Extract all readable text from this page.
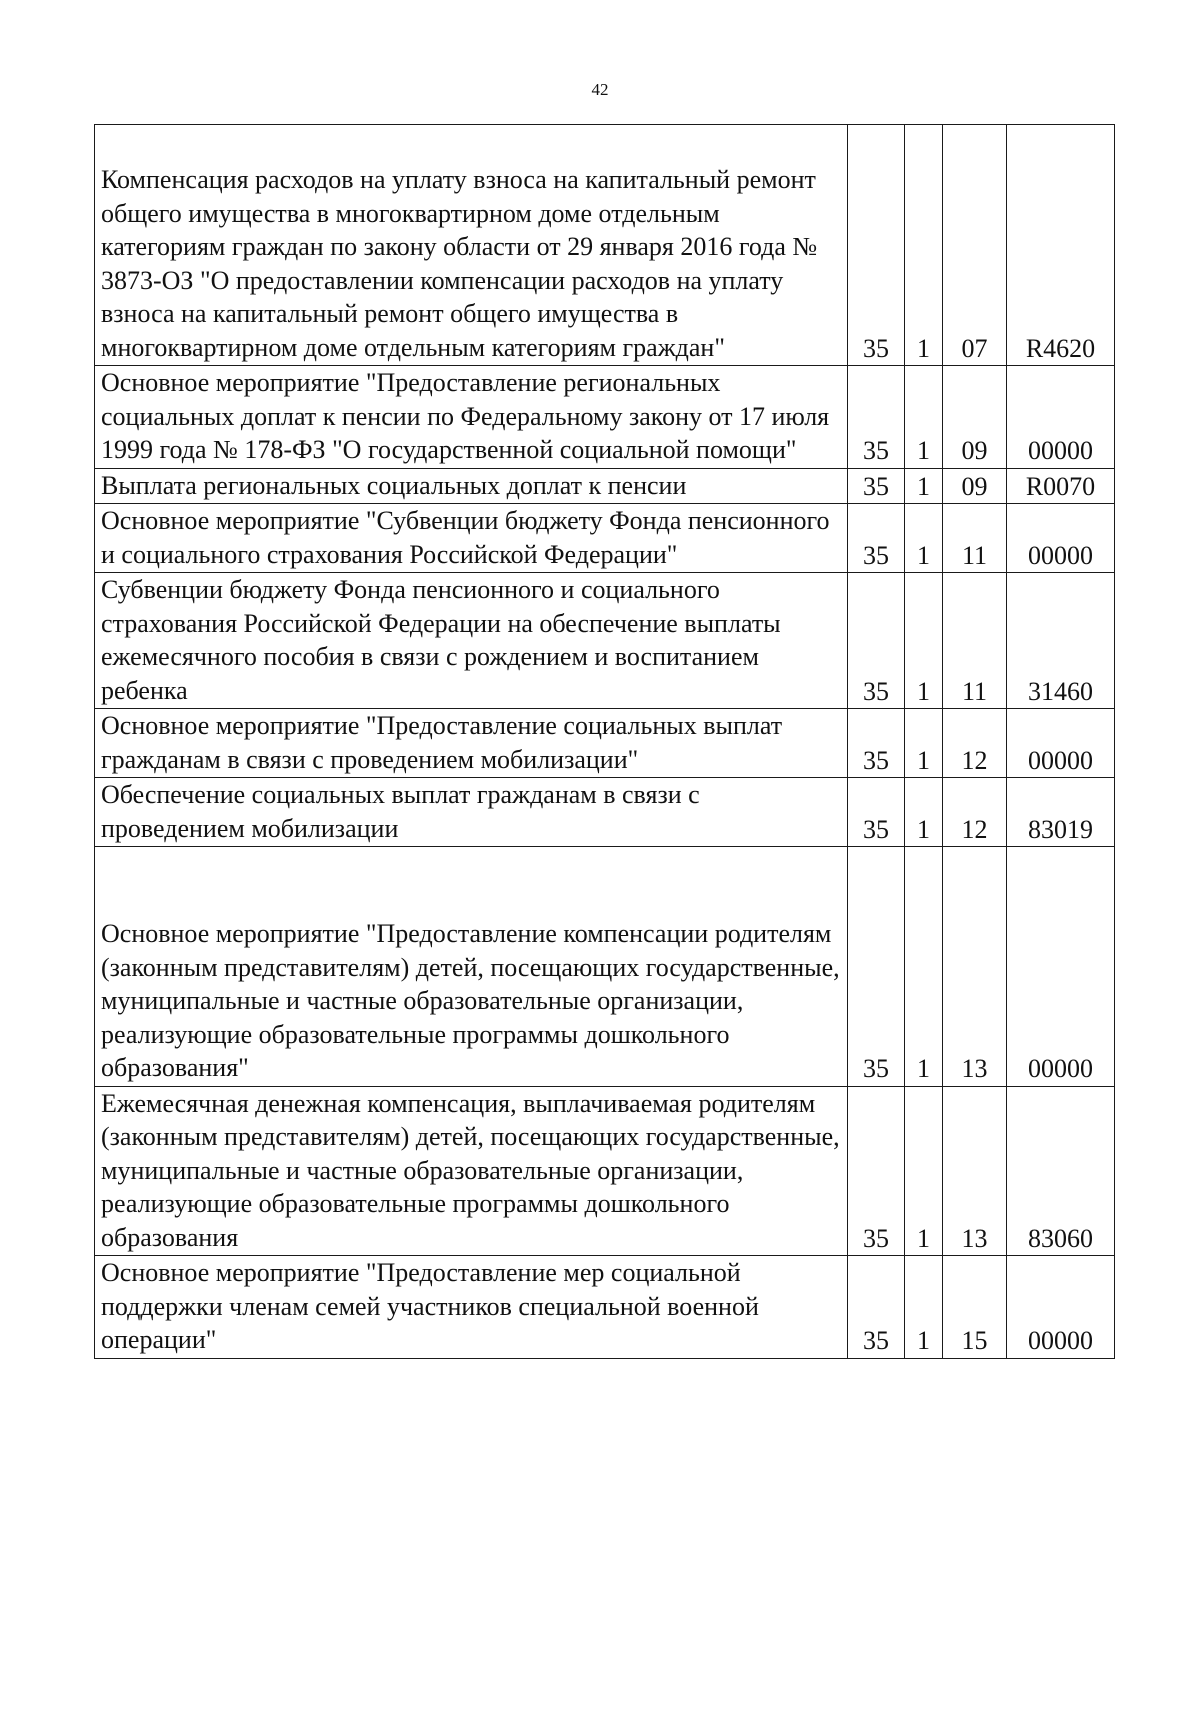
42
Компенсация расходов на уплату взноса на капитальный ремонт общего имущества в многоквартирном доме отдельным категориям граждан по закону области от 29 января 2016 года № 3873-ОЗ "О предоставлении компенсации расходов на уплату взноса на капитальный ремонт общего имущества в многоквартирном доме отдельным категориям граждан"	35	1	07	R4620
Основное мероприятие "Предоставление региональных социальных доплат к пенсии по Федеральному закону от 17 июля 1999 года № 178-ФЗ "О государственной социальной помощи"	35	1	09	00000
Выплата региональных социальных доплат к пенсии	35	1	09	R0070
Основное мероприятие "Субвенции бюджету Фонда пенсионного и социального страхования Российской Федерации"	35	1	11	00000
Субвенции бюджету Фонда пенсионного и социального страхования Российской Федерации на обеспечение выплаты ежемесячного пособия в связи с рождением и воспитанием ребенка	35	1	11	31460
Основное мероприятие "Предоставление социальных выплат гражданам в связи с проведением мобилизации"	35	1	12	00000
Обеспечение социальных выплат гражданам в связи с проведением мобилизации	35	1	12	83019
Основное мероприятие "Предоставление компенсации родителям (законным представителям) детей, посещающих государственные, муниципальные и частные образовательные организации, реализующие образовательные программы дошкольного образования"	35	1	13	00000
Ежемесячная денежная компенсация, выплачиваемая родителям (законным представителям) детей, посещающих государственные, муниципальные и частные образовательные организации, реализующие образовательные программы дошкольного образования	35	1	13	83060
Основное мероприятие "Предоставление мер социальной поддержки членам семей участников специальной военной операции"	35	1	15	00000
